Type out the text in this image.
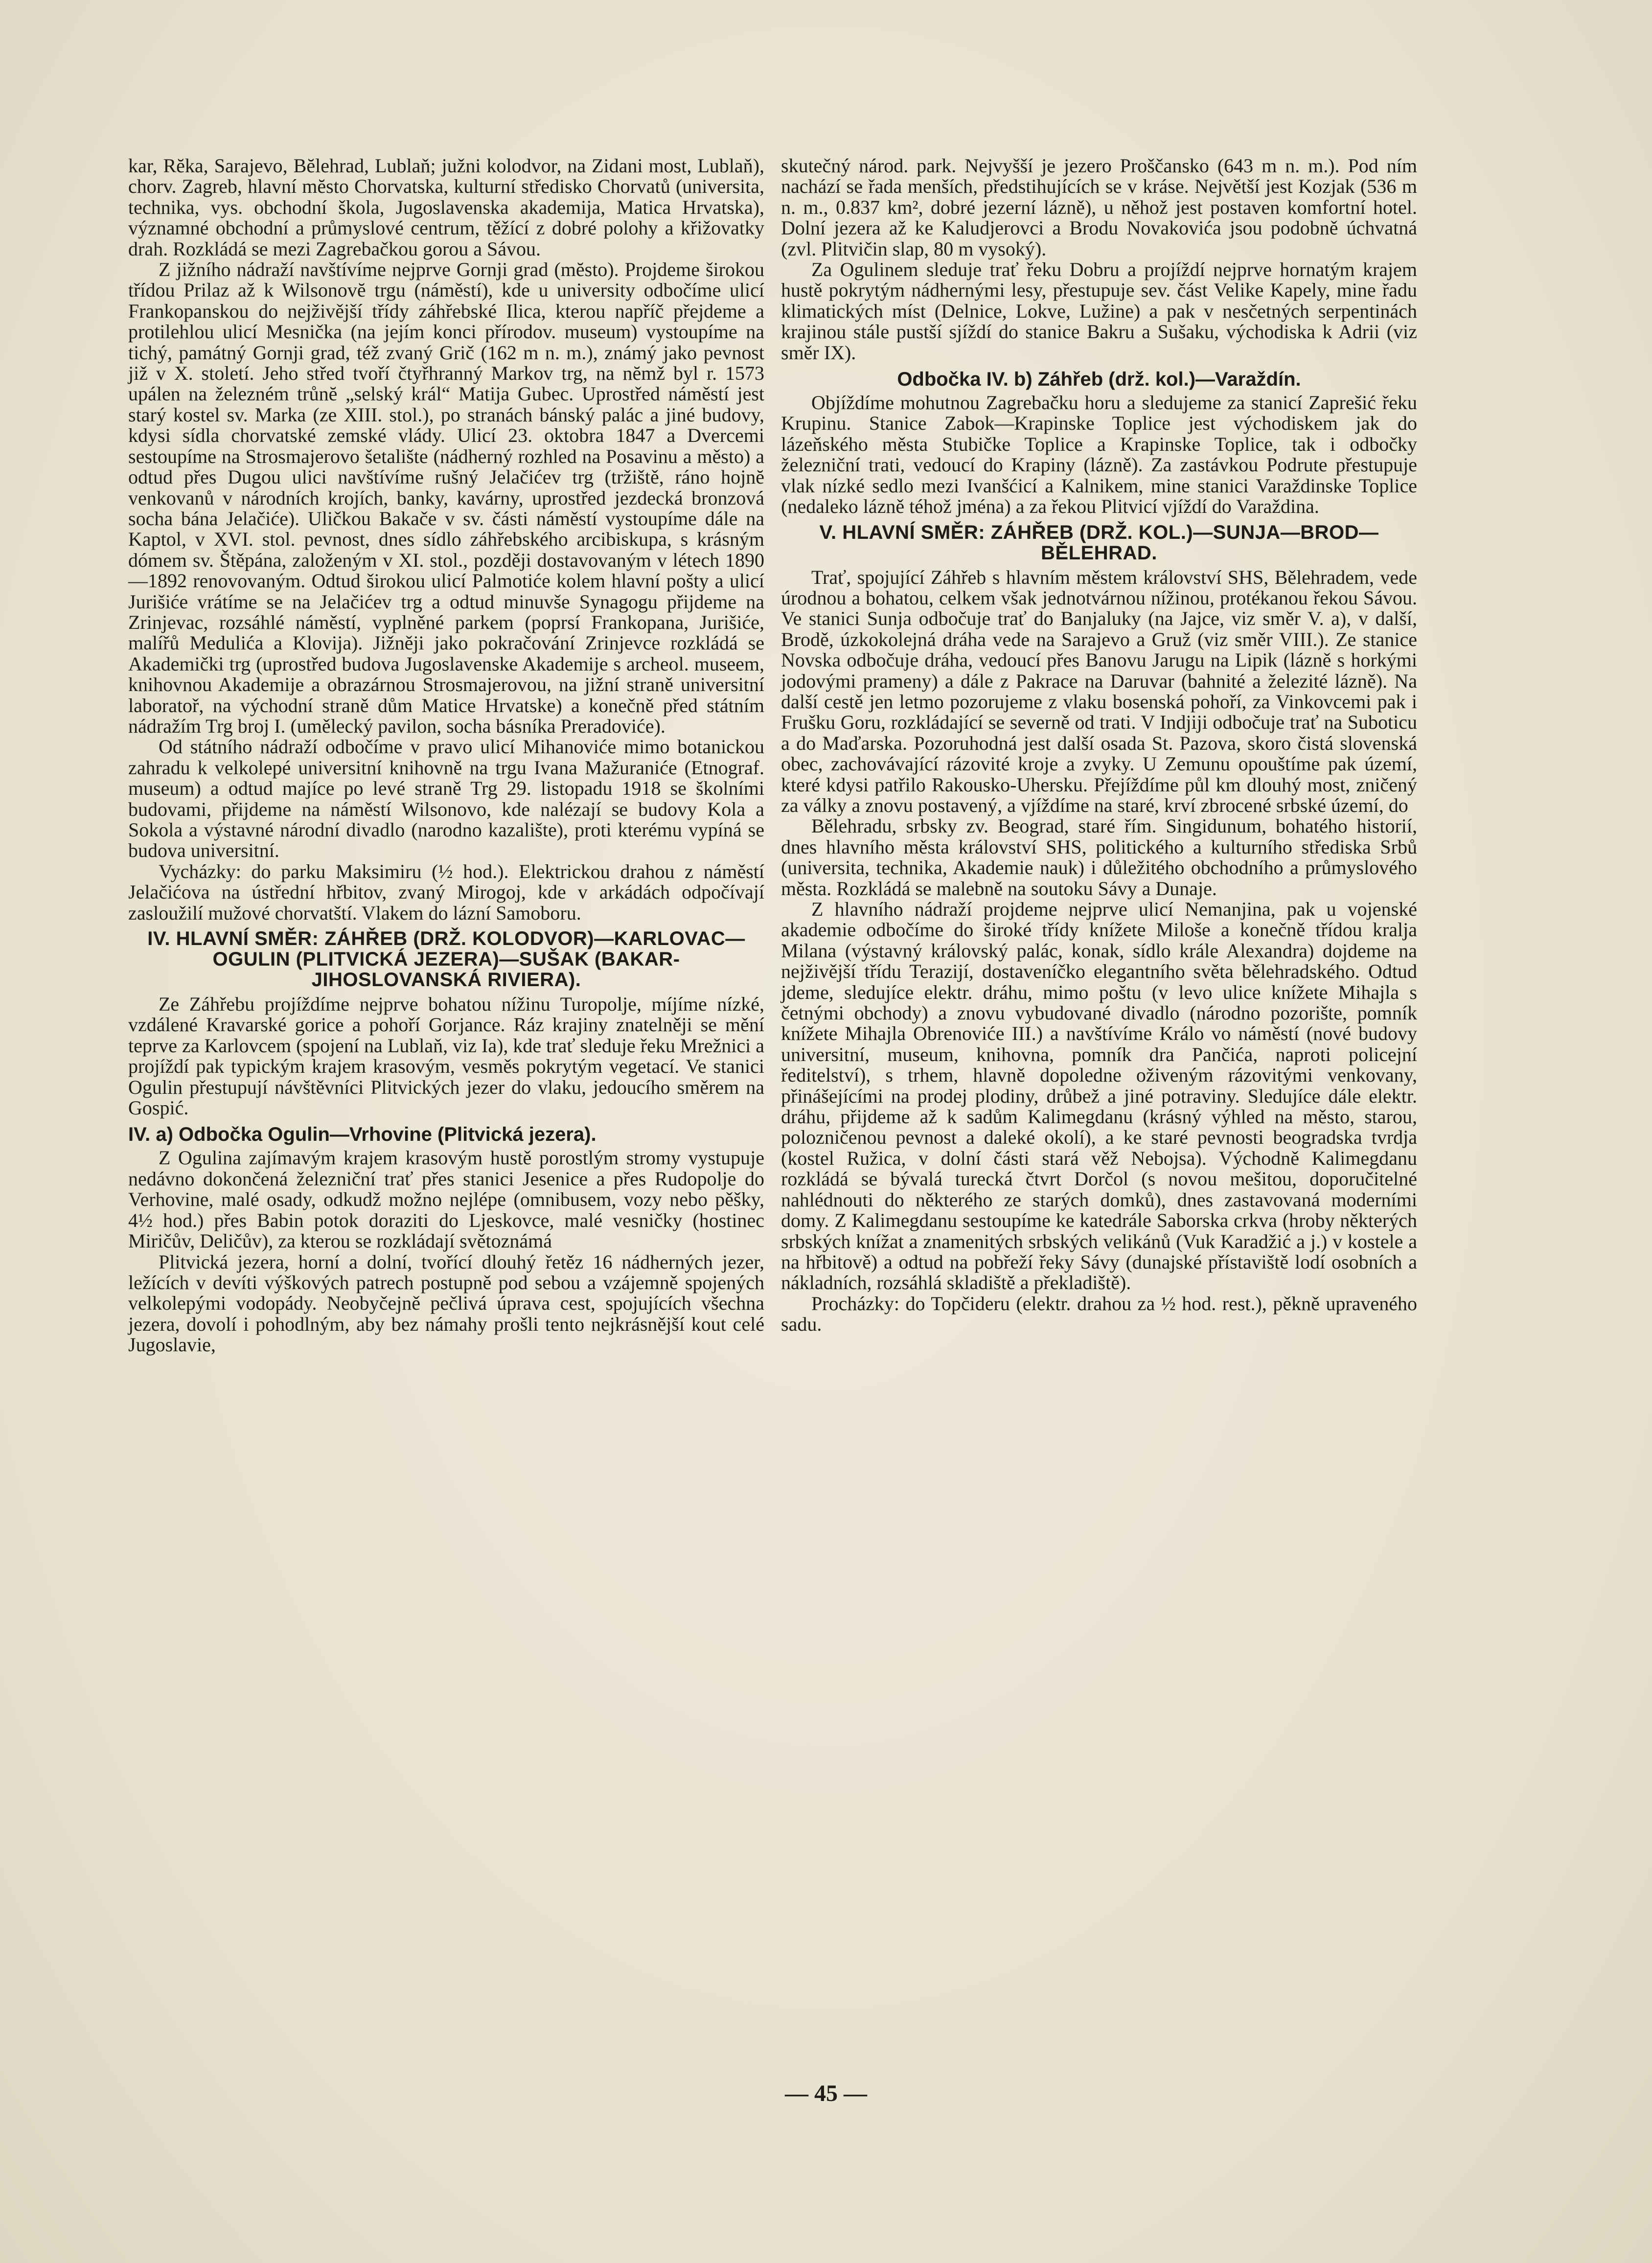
kar, Rĕka, Sarajevo, Bĕlehrad, Lublaň; južni kolodvor, na Zidani most, Lublaň), chorv. Zagreb, hlavní mĕsto Chorvatska, kulturní středisko Chorvatů (universita, technika, vys. obchodní škola, Jugoslavenska akademija, Matica Hrvatska), významné obchodní a průmyslové centrum, těžící z dobré polohy a křižovatky drah. Rozkládá se mezi Zagrebačkou gorou a Sávou.

Z jižního nádraží navštívíme nejprve Gornji grad (mĕsto). Projdeme širokou třídou Prilaz až k Wilsonovĕ trgu (náměstí), kde u university odbočíme ulicí Frankopanskou do nejživější třídy záhřebské Ilica, kterou napříč přejdeme a protilehlou ulicí Mesnička (na jejím konci přírodov. museum) vystoupíme na tichý, památný Gornji grad, též zvaný Grič (162 m n. m.), známý jako pevnost již v X. století. Jeho střed tvoří čtyřhranný Markov trg, na nĕmž byl r. 1573 upálen na železném trůnĕ „selský král“ Matija Gubec. Uprostřed náměstí jest starý kostel sv. Marka (ze XIII. stol.), po stranách bánský palác a jiné budovy, kdysi sídla chorvatské zemské vlády. Ulicí 23. oktobra 1847 a Dvercemi sestoupíme na Strosmajerovo šetalište (nádherný rozhled na Posavinu a město) a odtud přes Dugou ulici navštívíme rušný Jelačićev trg (tržiště, ráno hojnĕ venkovanů v národních krojích, banky, kavárny, uprostřed jezdecká bronzová socha bána Jelačiće). Uličkou Bakače v sv. části náměstí vystoupíme dále na Kaptol, v XVI. stol. pevnost, dnes sídlo záhřebského arcibiskupa, s krásným dómem sv. Štěpána, založeným v XI. stol., později dostavovaným v létech 1890—1892 renovovaným. Odtud širokou ulicí Palmotiće kolem hlavní pošty a ulicí Jurišiće vrátíme se na Jelačićev trg a odtud minuvše Synagogu přijdeme na Zrinjevac, rozsáhlé náměstí, vyplněné parkem (poprsí Frankopana, Jurišiće, malířů Medulića a Klovija). Jižněji jako pokračování Zrinjevce rozkládá se Akademički trg (uprostřed budova Jugoslavenske Akademije s archeol. museem, knihovnou Akademije a obrazárnou Strosmajerovou, na jižní straně universitní laboratoř, na východní straně dům Matice Hrvatske) a konečně před státním nádražím Trg broj I. (umělecký pavilon, socha básníka Preradoviće).

Od státního nádraží odbočíme v pravo ulicí Mihanoviće mimo botanickou zahradu k velkolepé universitní knihovně na trgu Ivana Mažuraniće (Etnograf. museum) a odtud majíce po levé straně Trg 29. listopadu 1918 se školními budovami, přijdeme na náměstí Wilsonovo, kde nalézají se budovy Kola a Sokola a výstavné národní divadlo (narodno kazalište), proti kterému vypíná se budova universitní.

Vycházky: do parku Maksimiru (½ hod.). Elektrickou drahou z náměstí Jelačićova na ústřední hřbitov, zvaný Mirogoj, kde v arkádách odpočívají zasloužilí mužové chorvatští. Vlakem do lázní Samoboru.

IV. HLAVNÍ SMĚR: ZÁHŘEB (DRŽ. KOLODVOR)—KARLOVAC—OGULIN (PLITVICKÁ JEZERA)—SUŠAK (BAKAR-JIHOSLOVANSKÁ RIVIERA).

Ze Záhřebu projíždíme nejprve bohatou nížinu Turopolje, míjíme nízké, vzdálené Kravarské gorice a pohoří Gorjance. Ráz krajiny znatelněji se mění teprve za Karlovcem (spojení na Lublaň, viz Ia), kde trať sleduje řeku Mrežnici a projíždí pak typickým krajem krasovým, vesměs pokrytým vegetací. Ve stanici Ogulin přestupují návštěvníci Plitvických jezer do vlaku, jedoucího směrem na Gospić.

IV. a) Odbočka Ogulin—Vrhovine (Plitvická jezera).

Z Ogulina zajímavým krajem krasovým hustě porostlým stromy vystupuje nedávno dokončená železniční trať přes stanici Jesenice a přes Rudopolje do Verhovine, malé osady, odkudž možno nejlépe (omnibusem, vozy nebo pěšky, 4½ hod.) přes Babin potok doraziti do Ljeskovce, malé vesničky (hostinec Miričův, Deličův), za kterou se rozkládají světoznámá

Plitvická jezera, horní a dolní, tvořící dlouhý řetěz 16 nádherných jezer, ležících v devíti výškových patrech postupně pod sebou a vzájemně spojených velkolepými vodopády. Neobyčejně pečlivá úprava cest, spojujících všechna jezera, dovolí i pohodlným, aby bez námahy prošli tento nejkrásnější kout celé Jugoslavie,

skutečný národ. park. Nejvyšší je jezero Proščansko (643 m n. m.). Pod ním nachází se řada menších, předstihujících se v kráse. Největší jest Kozjak (536 m n. m., 0.837 km², dobré jezerní lázně), u něhož jest postaven komfortní hotel. Dolní jezera až ke Kaludjerovci a Brodu Novakovića jsou podobně úchvatná (zvl. Plitvičin slap, 80 m vysoký).

Za Ogulinem sleduje trať řeku Dobru a projíždí nejprve hornatým krajem hustě pokrytým nádhernými lesy, přestupuje sev. část Velike Kapely, mine řadu klimatických míst (Delnice, Lokve, Lužine) a pak v nesčetných serpentinách krajinou stále pustší sjíždí do stanice Bakru a Sušaku, východiska k Adrii (viz směr IX).

Odbočka IV. b) Záhřeb (drž. kol.)—Varaždín.

Objíždíme mohutnou Zagrebačku horu a sledujeme za stanicí Zaprešić řeku Krupinu. Stanice Zabok—Krapinske Toplice jest východiskem jak do lázeňského města Stubičke Toplice a Krapinske Toplice, tak i odbočky železniční trati, vedoucí do Krapiny (lázně). Za zastávkou Podrute přestupuje vlak nízké sedlo mezi Ivanšćicí a Kalnikem, mine stanici Varaždinske Toplice (nedaleko lázně téhož jména) a za řekou Plitvicí vjíždí do Varaždina.

V. HLAVNÍ SMĚR: ZÁHŘEB (DRŽ. KOL.)—SUNJA—BROD—BĚLEHRAD.

Trať, spojující Záhřeb s hlavním městem království SHS, Bělehradem, vede úrodnou a bohatou, celkem však jednotvárnou nížinou, protékanou řekou Sávou. Ve stanici Sunja odbočuje trať do Banjaluky (na Jajce, viz směr V. a), v další, Brodě, úzkokolejná dráha vede na Sarajevo a Gruž (viz směr VIII.). Ze stanice Novska odbočuje dráha, vedoucí přes Banovu Jarugu na Lipik (lázně s horkými jodovými prameny) a dále z Pakrace na Daruvar (bahnité a železité lázně). Na další cestě jen letmo pozorujeme z vlaku bosenská pohoří, za Vinkovcemi pak i Frušku Goru, rozkládající se severně od trati. V Indjiji odbočuje trať na Suboticu a do Maďarska. Pozoruhodná jest další osada St. Pazova, skoro čistá slovenská obec, zachovávající rázovité kroje a zvyky. U Zemunu opouštíme pak území, které kdysi patřilo Rakousko-Uhersku. Přejíždíme půl km dlouhý most, zničený za války a znovu postavený, a vjíždíme na staré, krví zbrocené srbské území, do

Bělehradu, srbsky zv. Beograd, staré řím. Singidunum, bohatého historií, dnes hlavního města království SHS, politického a kulturního střediska Srbů (universita, technika, Akademie nauk) i důležitého obchodního a průmyslového města. Rozkládá se malebně na soutoku Sávy a Dunaje.

Z hlavního nádraží projdeme nejprve ulicí Nemanjina, pak u vojenské akademie odbočíme do široké třídy knížete Miloše a konečně třídou kralja Milana (výstavný královský palác, konak, sídlo krále Alexandra) dojdeme na nejživější třídu Terazijí, dostaveníčko elegantního světa bělehradského. Odtud jdeme, sledujíce elektr. dráhu, mimo poštu (v levo ulice knížete Mihajla s četnými obchody) a znovu vybudované divadlo (národno pozorište, pomník knížete Mihajla Obrenoviće III.) a navštívíme Králo vo náměstí (nové budovy universitní, museum, knihovna, pomník dra Pančića, naproti policejní ředitelství), s trhem, hlavně dopoledne oživeným rázovitými venkovany, přinášejícími na prodej plodiny, drůbež a jiné potraviny. Sledujíce dále elektr. dráhu, přijdeme až k sadům Kalimegdanu (krásný výhled na město, starou, polozničenou pevnost a daleké okolí), a ke staré pevnosti beogradska tvrdja (kostel Ružica, v dolní části stará věž Nebojsa). Východně Kalimegdanu rozkládá se bývalá turecká čtvrt Dorčol (s novou mešitou, doporučitelné nahlédnouti do některého ze starých domků), dnes zastavovaná moderními domy. Z Kalimegdanu sestoupíme ke katedrále Saborska crkva (hroby některých srbských knížat a znamenitých srbských velikánů (Vuk Karadžić a j.) v kostele a na hřbitově) a odtud na pobřeží řeky Sávy (dunajské přístaviště lodí osobních a nákladních, rozsáhlá skladiště a překladiště).

Procházky: do Topčideru (elektr. drahou za ½ hod. rest.), pěkně upraveného sadu.

— 45 —
